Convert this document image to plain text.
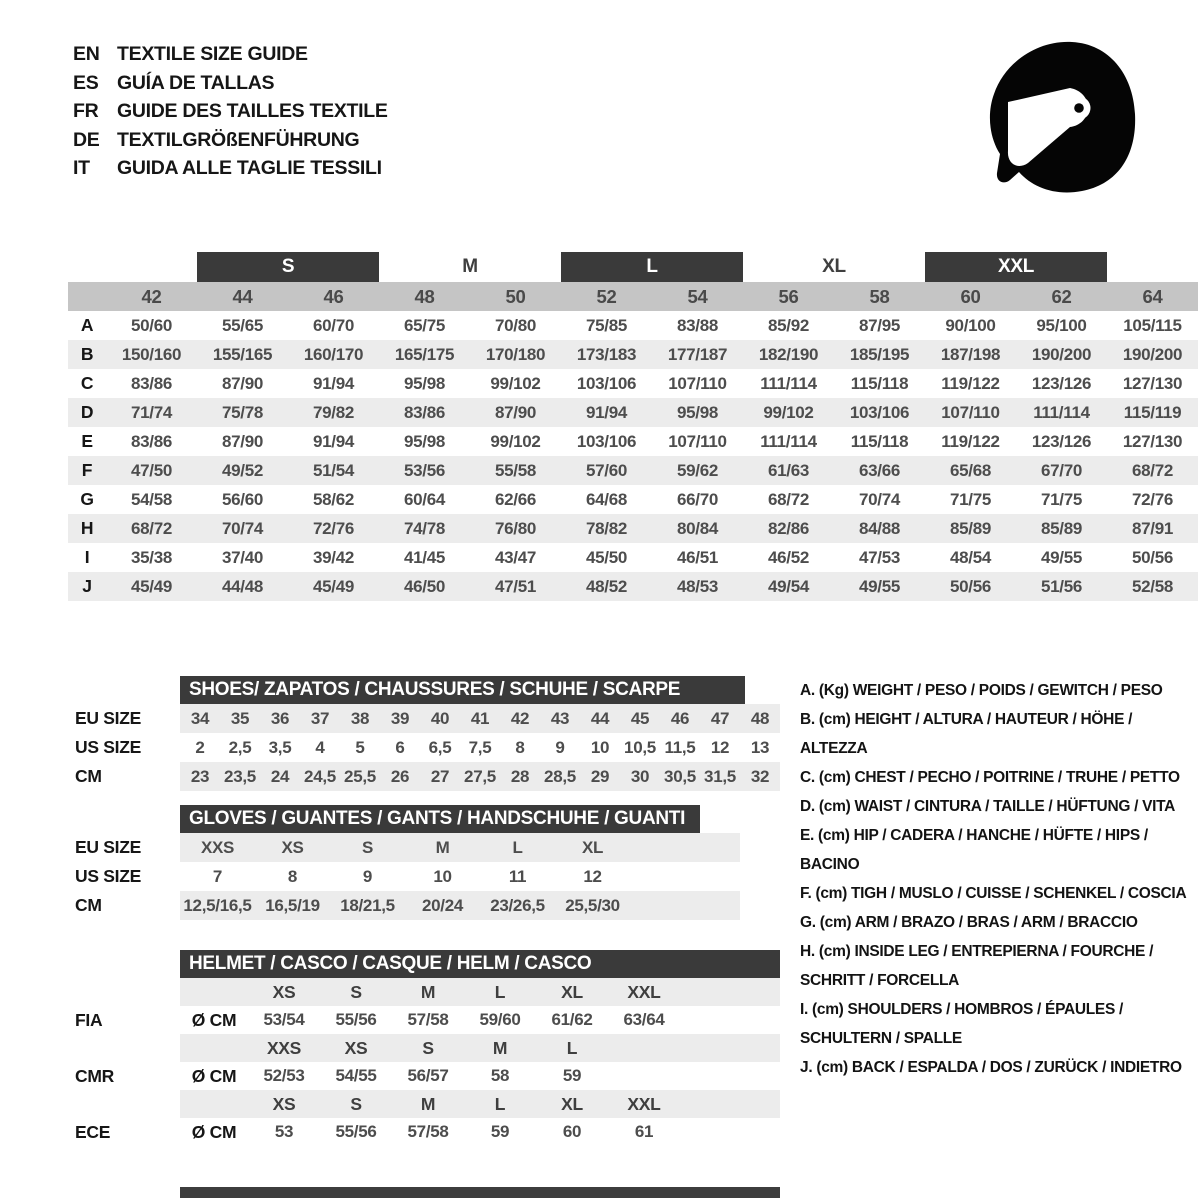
EN TEXTILE SIZE GUIDE
ES GUÍA DE TALLAS
FR GUIDE DES TAILLES TEXTILE
DE TEXTILGRÖßENFÜHRUNG
IT	GUIDA ALLE TAGLIE TESSILI
S	M	L	XL	XXL
42	44	46	48	50	52	54	56	58	60	62	64
A	50/60	55/65	60/70	65/75	70/80	75/85	83/88	85/92	87/95	90/100	95/100	105/115
B	150/160	155/165	160/170	165/175	170/180	173/183	177/187	182/190	185/195	187/198	190/200	190/200
C	83/86	87/90	91/94	95/98	99/102	103/106	107/110	111/114	115/118	119/122	123/126	127/130
D	71/74	75/78	79/82	83/86	87/90	91/94	95/98	99/102	103/106	107/110	111/114	115/119
E	83/86	87/90	91/94	95/98	99/102	103/106	107/110	111/114	115/118	119/122	123/126	127/130
F	47/50	49/52	51/54	53/56	55/58	57/60	59/62	61/63	63/66	65/68	67/70	68/72
G	54/58	56/60	58/62	60/64	62/66	64/68	66/70	68/72	70/74	71/75	71/75	72/76
H	68/72	70/74	72/76	74/78	76/80	78/82	80/84	82/86	84/88	85/89	85/89	87/91
I	35/38	37/40	39/42	41/45	43/47	45/50	46/51	46/52	47/53	48/54	49/55	50/56
J	45/49	44/48	45/49	46/50	47/51	48/52	48/53	49/54	49/55	50/56	51/56	52/58
SHOES/ ZAPATOS / CHAUSSURES / SCHUHE / SCARPE
EU SIZE	34	35	36	37	38	39	40	41	42	43	44	45	46	47	48
US SIZE	2	2,5	3,5	4	5	6	6,5	7,5	8	9	10 10,5 11,5 12	13
CM	23 23,5 24 24,5 25,5 26	27 27,5 28 28,5 29	30 30,5 31,5 32
GLOVES / GUANTES / GANTS / HANDSCHUHE / GUANTI
EU SIZE	XXS	XS	S	M	L	XL
US SIZE	7	8	9	10	11	12
CM	12,5/16,5 16,5/19	18/21,5	20/24	23/26,5	25,5/30
HELMET / CASCO / CASQUE / HELM / CASCO
XS	S	M	L	XL	XXL
FIA	Ø CM	53/54	55/56	57/58	59/60	61/62	63/64
XXS	XS	S	M	L
CMR	Ø CM	52/53	54/55	56/57	58	59
XS	S	M	L	XL	XXL
ECE	Ø CM	53	55/56	57/58	59	60	61
A. (Kg) WEIGHT / PESO / POIDS / GEWITCH / PESO
B. (cm) HEIGHT / ALTURA / HAUTEUR / HÖHE / ALTEZZA
C. (cm) CHEST / PECHO / POITRINE / TRUHE / PETTO
D. (cm) WAIST / CINTURA / TAILLE / HÜFTUNG / VITA
E. (cm) HIP / CADERA / HANCHE / HÜFTE / HIPS / BACINO
F. (cm) TIGH / MUSLO / CUISSE / SCHENKEL / COSCIA
G. (cm) ARM / BRAZO / BRAS / ARM / BRACCIO
H. (cm) INSIDE LEG / ENTREPIERNA / FOURCHE / SCHRITT / FORCELLA
I. (cm) SHOULDERS / HOMBROS / ÉPAULES / SCHULTERN / SPALLE
J. (cm) BACK / ESPALDA / DOS / ZURÜCK / INDIETRO
